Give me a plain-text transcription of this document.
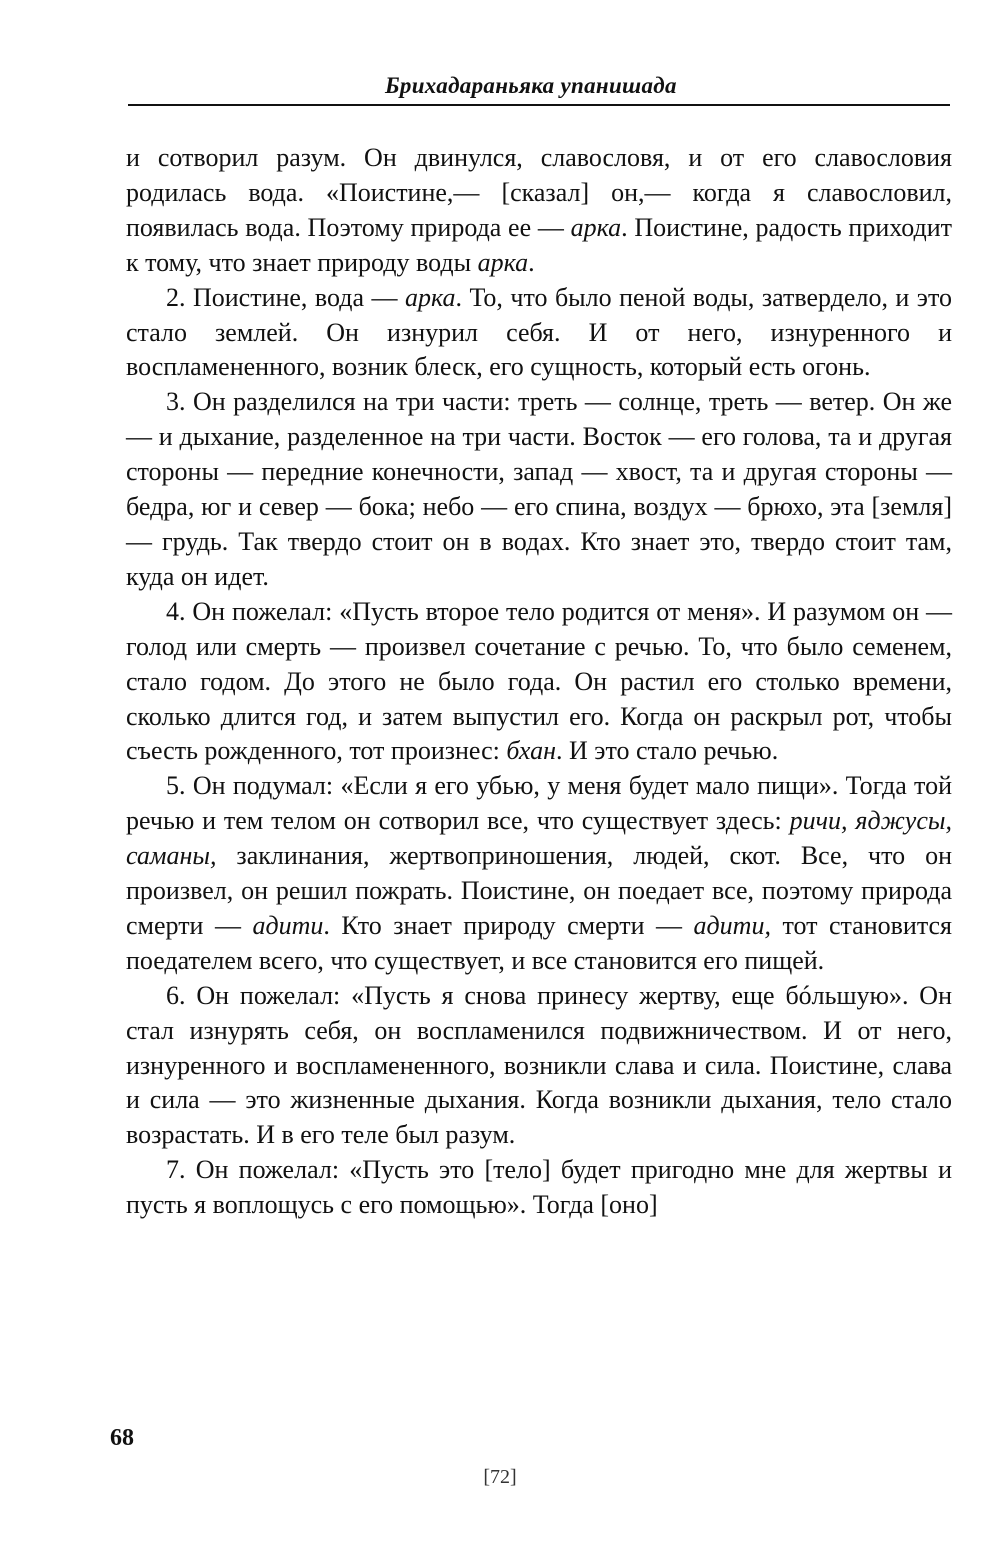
Брихадараньяка упанишада

и сотворил разум. Он двинулся, славословя, и от его славословия родилась вода. «Поистине,— [сказал] он,— когда я славословил, появилась вода. Поэтому природа ее — арка. Поистине, радость приходит к тому, что знает природу воды арка.

2. Поистине, вода — арка. То, что было пеной воды, затвердело, и это стало землей. Он изнурил себя. И от него, изнуренного и воспламененного, возник блеск, его сущность, который есть огонь.

3. Он разделился на три части: треть — солнце, треть — ветер. Он же — и дыхание, разделенное на три части. Восток — его голова, та и другая стороны — передние конечности, запад — хвост, та и другая стороны — бедра, юг и север — бока; небо — его спина, воздух — брюхо, эта [земля] — грудь. Так твердо стоит он в водах. Кто знает это, твердо стоит там, куда он идет.

4. Он пожелал: «Пусть второе тело родится от меня». И разумом он — голод или смерть — произвел сочетание с речью. То, что было семенем, стало годом. До этого не было года. Он растил его столько времени, сколько длится год, и затем выпустил его. Когда он раскрыл рот, чтобы съесть рожденного, тот произнес: бхан. И это стало речью.

5. Он подумал: «Если я его убью, у меня будет мало пищи». Тогда той речью и тем телом он сотворил все, что существует здесь: ричи, яджусы, саманы, заклинания, жертвоприношения, людей, скот. Все, что он произвел, он решил пожрать. Поистине, он поедает все, поэтому природа смерти — адити. Кто знает природу смерти — адити, тот становится поедателем всего, что существует, и все становится его пищей.

6. Он пожелал: «Пусть я снова принесу жертву, еще бóльшую». Он стал изнурять себя, он воспламенился подвижничеством. И от него, изнуренного и воспламененного, возникли слава и сила. Поистине, слава и сила — это жизненные дыхания. Когда возникли дыхания, тело стало возрастать. И в его теле был разум.

7. Он пожелал: «Пусть это [тело] будет пригодно мне для жертвы и пусть я воплощусь с его помощью». Тогда [оно]

68
[72]
